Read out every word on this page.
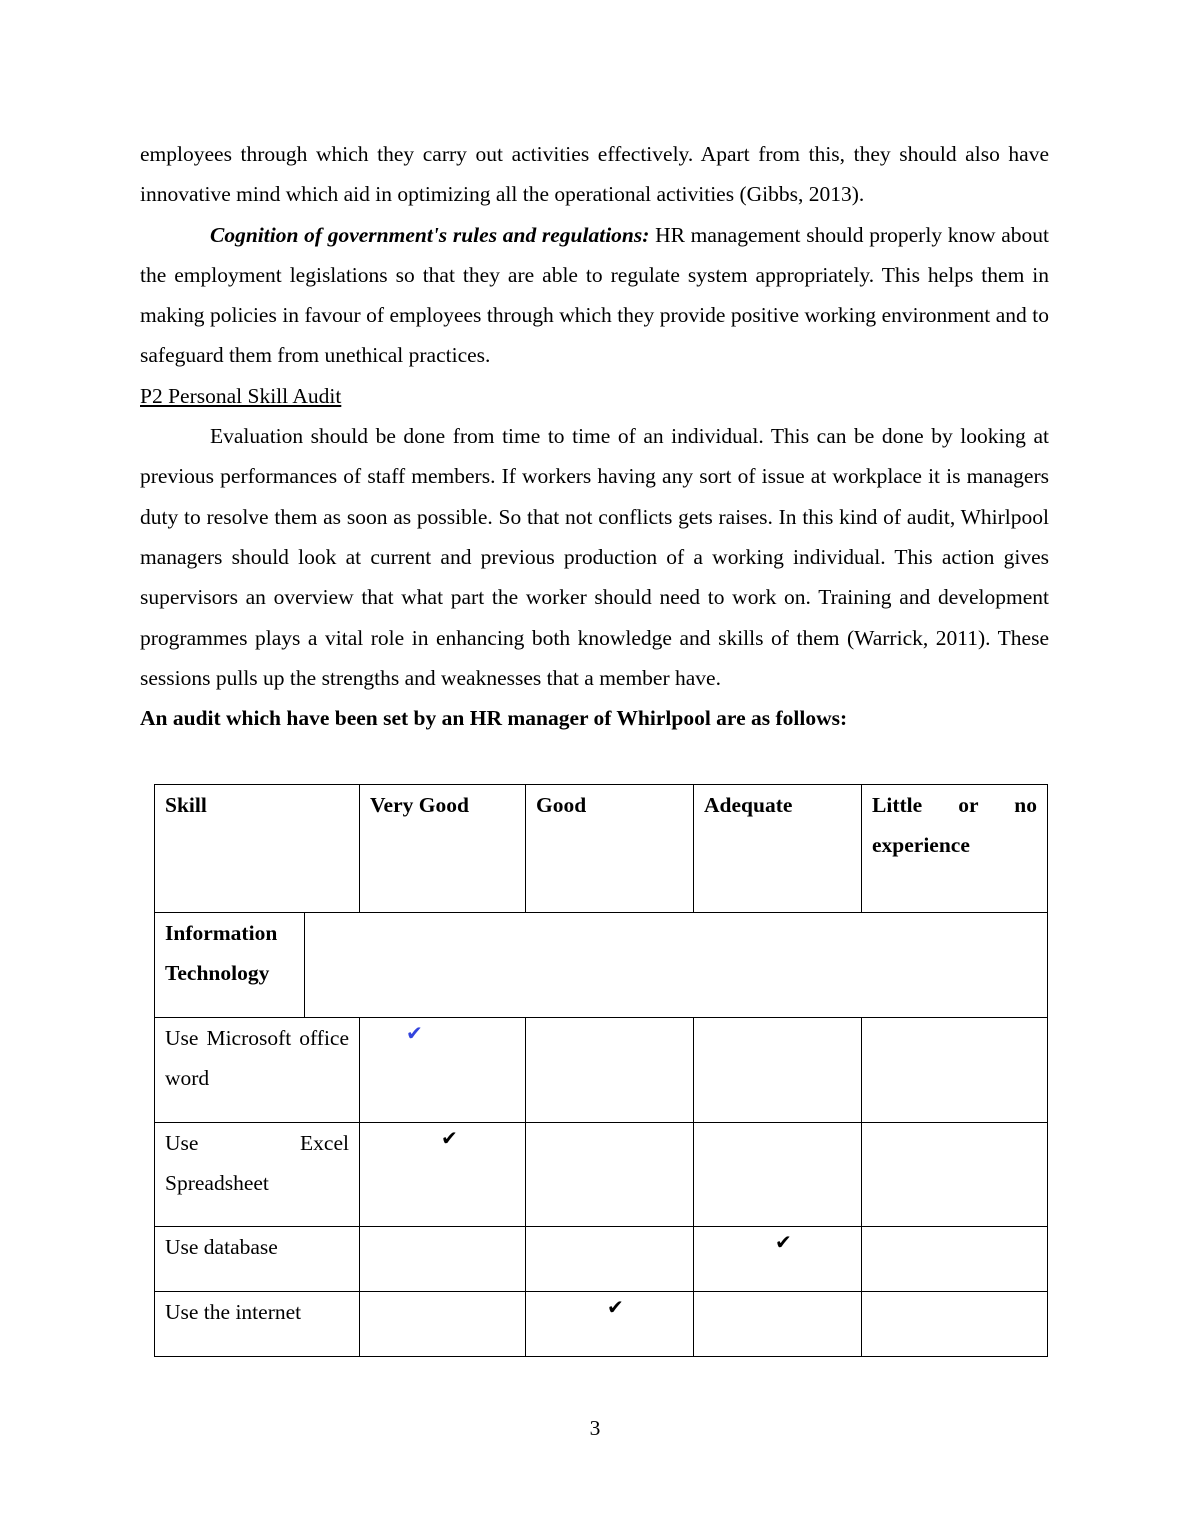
employees through which they carry out activities effectively. Apart from this, they should also have innovative mind which aid in optimizing all the operational activities (Gibbs, 2013).

Cognition of government's rules and regulations: HR management should properly know about the employment legislations so that they are able to regulate system appropriately. This helps them in making policies in favour of employees through which they provide positive working environment and to safeguard them from unethical practices.

P2 Personal Skill Audit

Evaluation should be done from time to time of an individual. This can be done by looking at previous performances of staff members. If workers having any sort of issue at workplace it is managers duty to resolve them as soon as possible. So that not conflicts gets raises. In this kind of audit, Whirlpool managers should look at current and previous production of a working individual. This action gives supervisors an overview that what part the worker should need to work on. Training and development programmes plays a vital role in enhancing both knowledge and skills of them (Warrick, 2011). These sessions pulls up the strengths and weaknesses that a member have.

An audit which have been set by an HR manager of Whirlpool are as follows:

Skill		Very Good	Good	Adequate	Little or no experience
Information Technology					
Use Microsoft office word		✔			

Use Excel Spreadsheet		✔			

Use database				✔	

Use the internet			✔		

3
